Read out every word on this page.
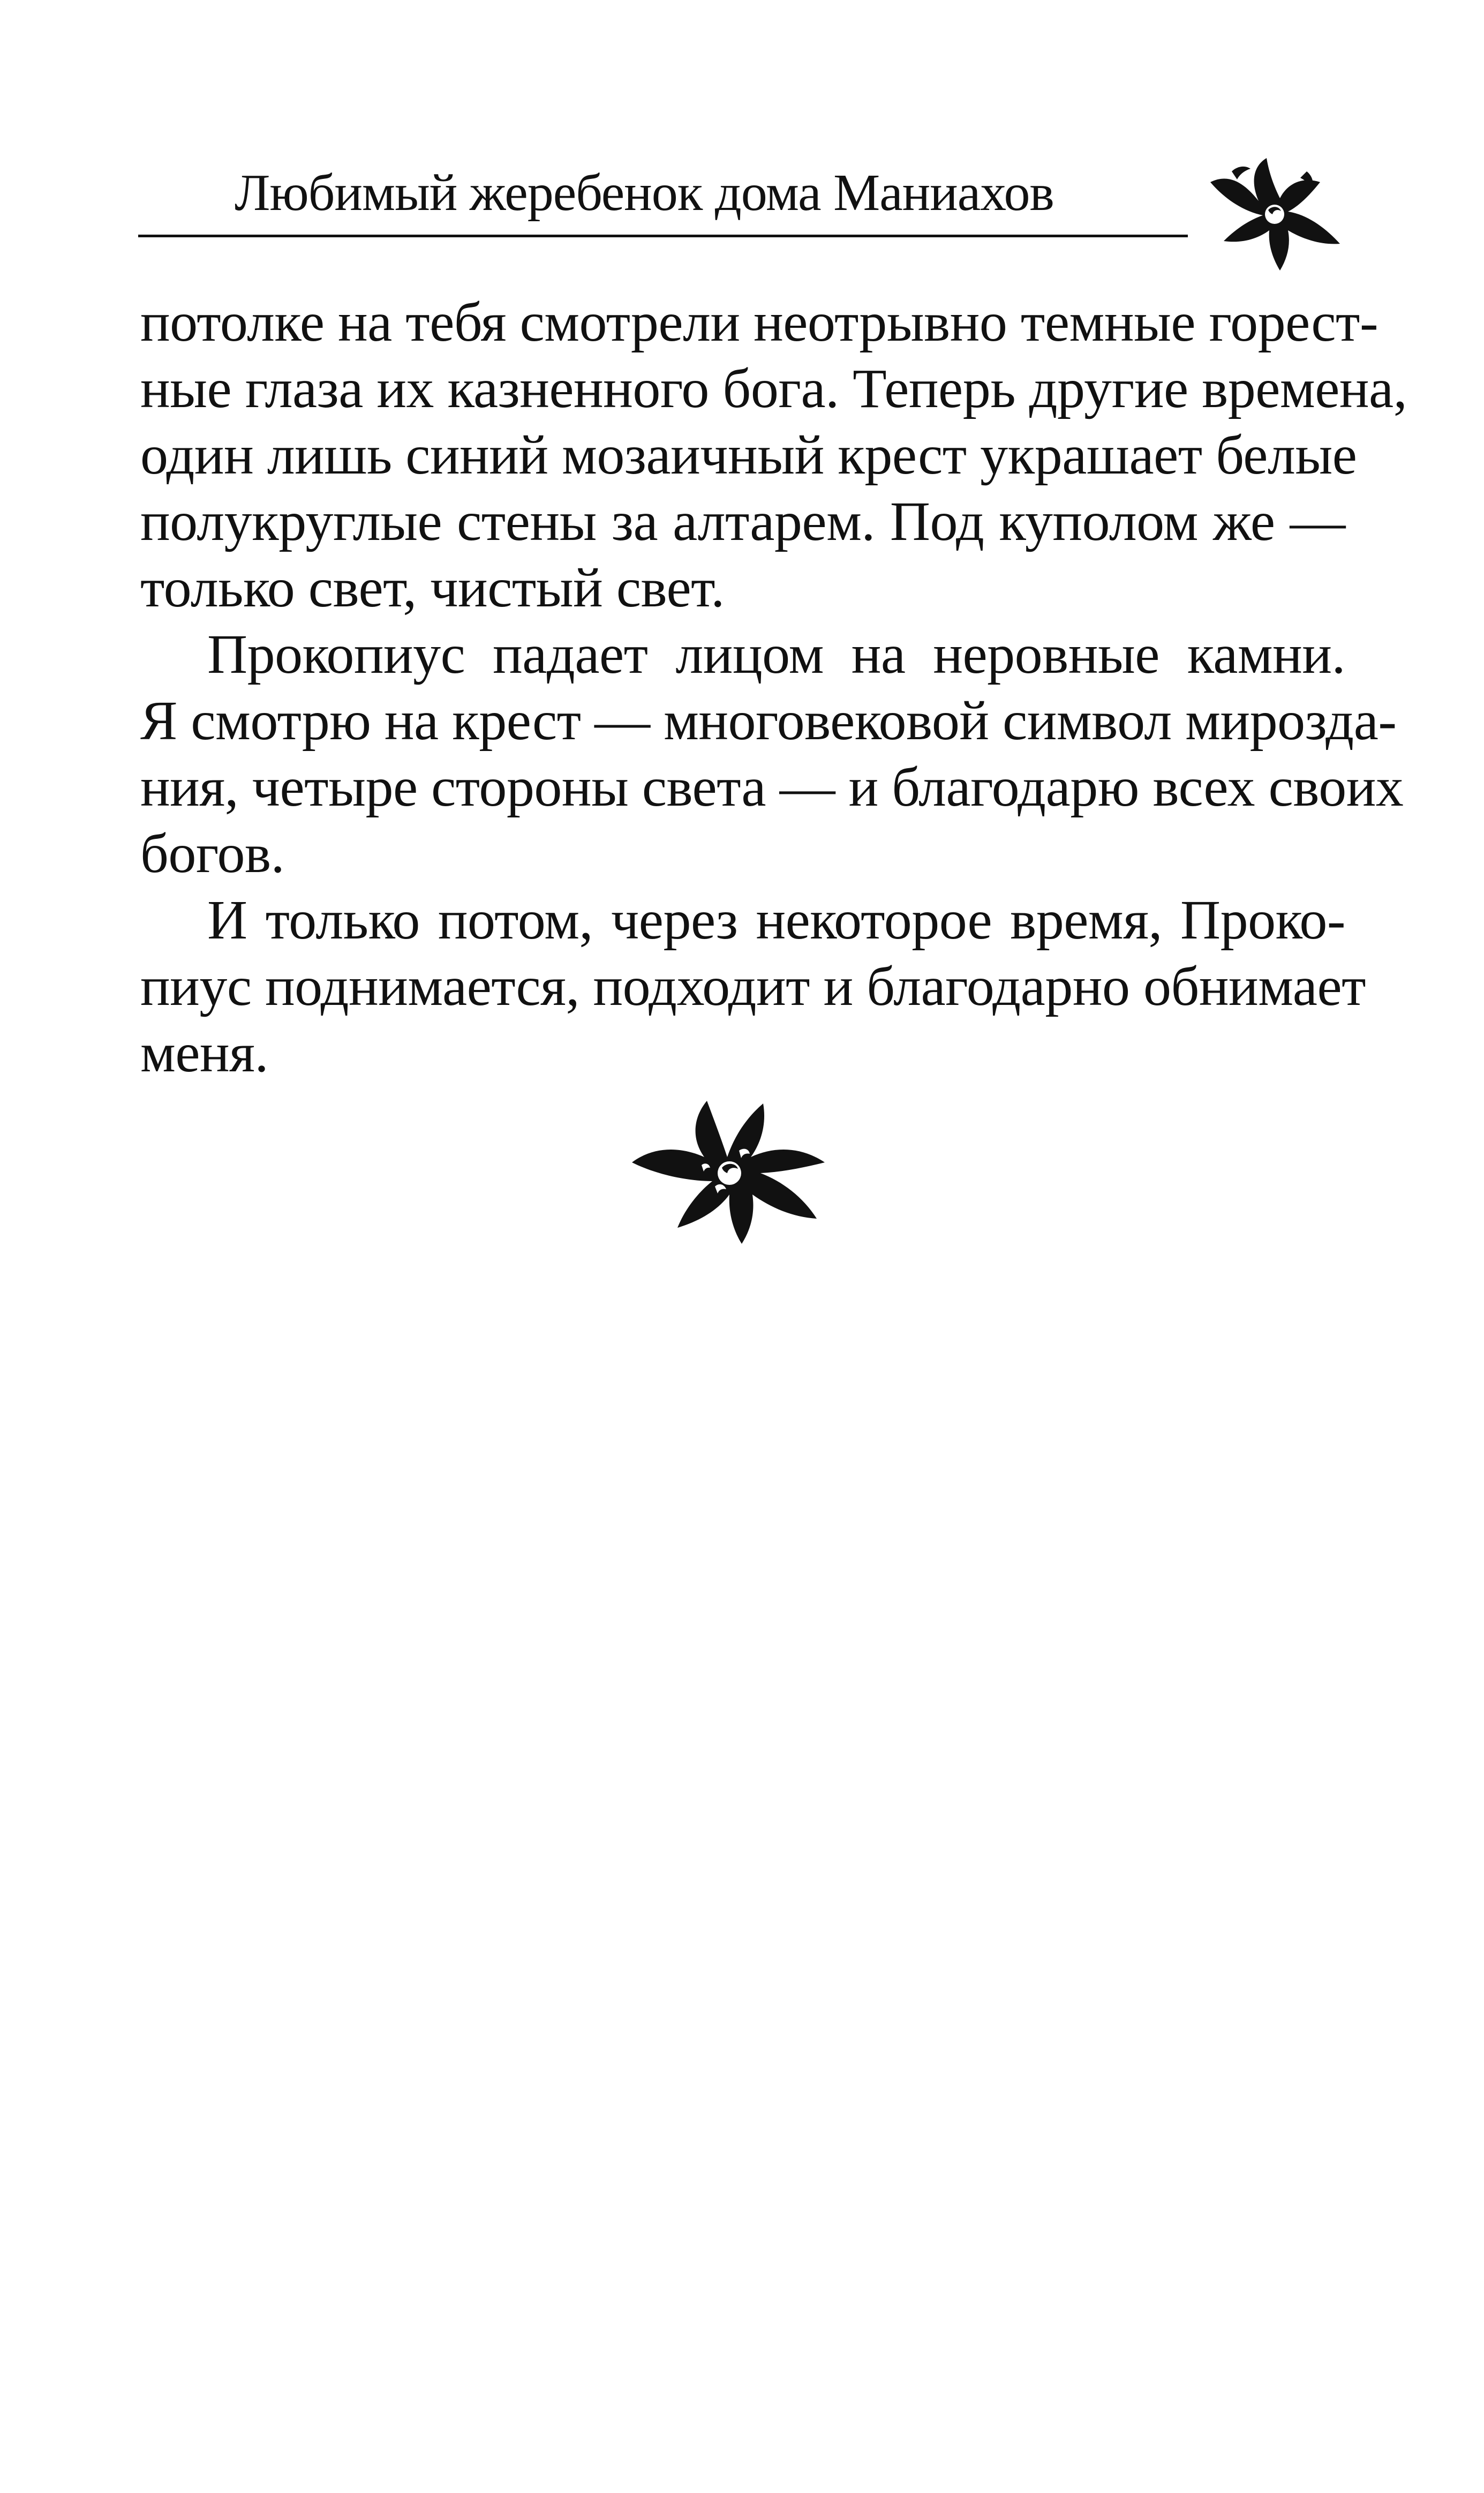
Любимый жеребенок дома Маниахов

потолке на тебя смотрели неотрывно темные горест-
ные глаза их казненного бога. Теперь другие времена,
один лишь синий мозаичный крест украшает белые
полукруглые стены за алтарем. Под куполом же —
только свет, чистый свет.

Прокопиус падает лицом на неровные камни.
Я смотрю на крест — многовековой символ мирозда-
ния, четыре стороны света — и благодарю всех своих
богов.

И только потом, через некоторое время, Проко-
пиус поднимается, подходит и благодарно обнимает
меня.
